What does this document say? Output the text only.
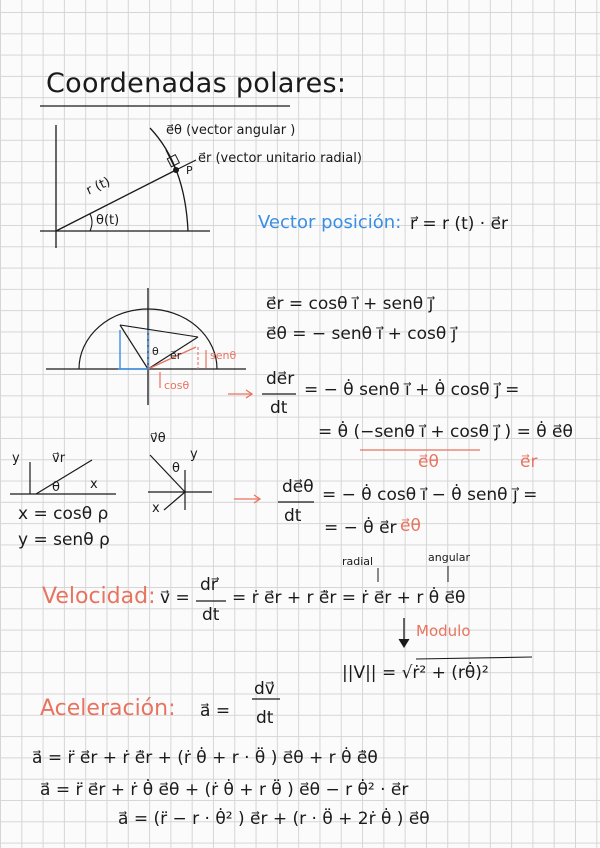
Coordenadas polares:
e⃗θ (vector angular )
e⃗r (vector unitario radial)
P
r (t)
θ(t)	Vector posición: r⃗ = r (t) · e⃗r
e⃗r = cosθ i⃗ + senθ j⃗
e⃗θ = − senθ i⃗ + cosθ j⃗
senθ
cosθ
e⃗r
θ
de⃗r
dt
= − θ̇ senθ i⃗ + θ̇ cosθ j⃗ =
= θ̇ (−senθ i⃗ + cosθ j⃗ ) = θ̇ e⃗θ
e⃗θ	e⃗r
y v⃗r
x
θ
x = cosθ ρ
y = senθ ρ
v⃗θ
θ
y
x
de⃗θ
dt
= − θ̇ cosθ i⃗ − θ̇ senθ j⃗ =
= − θ̇ e⃗r e⃗θ
radial	angular
Velocidad: v⃗ =
dr⃗
dt
= ṙ e⃗r + r e⃗̇r = ṙ e⃗r + r θ̇ e⃗θ
Modulo
||V|| = √ṙ² + (rθ̇)²
Aceleración: a⃗ =
dv⃗
dt
a⃗ = r̈ e⃗r + ṙ e⃗̇r + (ṙ θ̇ + r · θ̈ ) e⃗θ + r θ̇ e⃗̇θ
a⃗ = r̈ e⃗r + ṙ θ̇ e⃗θ + (ṙ θ̇ + r θ̈ ) e⃗θ − r θ̇² · e⃗r
a⃗ = (r̈ − r · θ̇² ) e⃗r + (r · θ̈ + 2ṙ θ̇ ) e⃗θ
